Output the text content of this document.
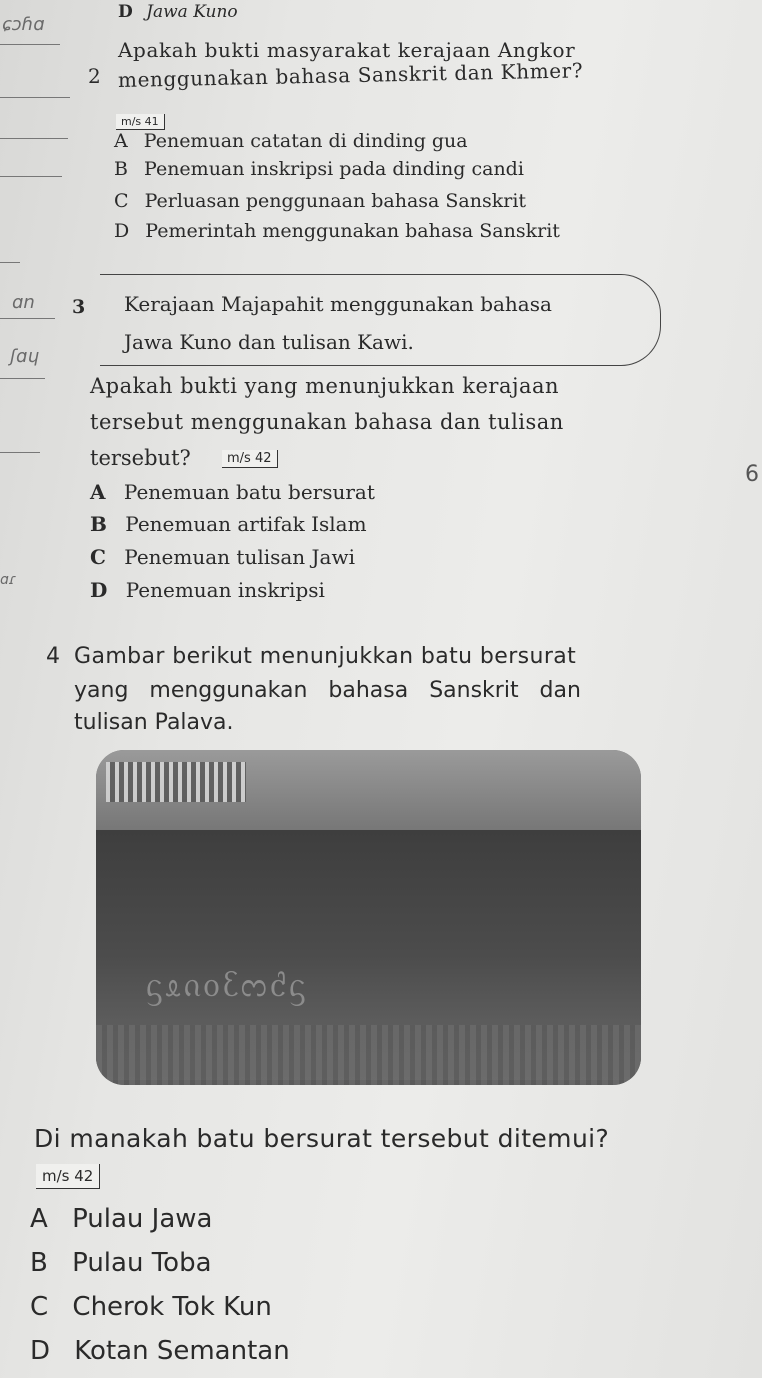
ɕɔɦɑ
ɑn
ʃɑɥ
ɑɾ
D Jawa Kuno
2
Apakah bukti masyarakat kerajaan Angkor
menggunakan bahasa Sanskrit dan Khmer?
m/s 41
A Penemuan catatan di dinding gua
B Penemuan inskripsi pada dinding candi
C Perluasan penggunaan bahasa Sanskrit
D Pemerintah menggunakan bahasa Sanskrit
3 Kerajaan Majapahit menggunakan bahasa
Jawa Kuno dan tulisan Kawi.
Apakah bukti yang menunjukkan kerajaan
tersebut menggunakan bahasa dan tulisan
tersebut?	m/s 42
6
A Penemuan batu bersurat
B Penemuan artifak Islam
C Penemuan tulisan Jawi
D Penemuan inskripsi
4 Gambar berikut menunjukkan batu bersurat
yang menggunakan bahasa Sanskrit dan
tulisan Palava.
ᦓᦸᦵᦞᦷᦂᦺᦓ
Di manakah batu bersurat tersebut ditemui?
m/s 42
A Pulau Jawa
B Pulau Toba
C Cherok Tok Kun
D Kotan Semantan
